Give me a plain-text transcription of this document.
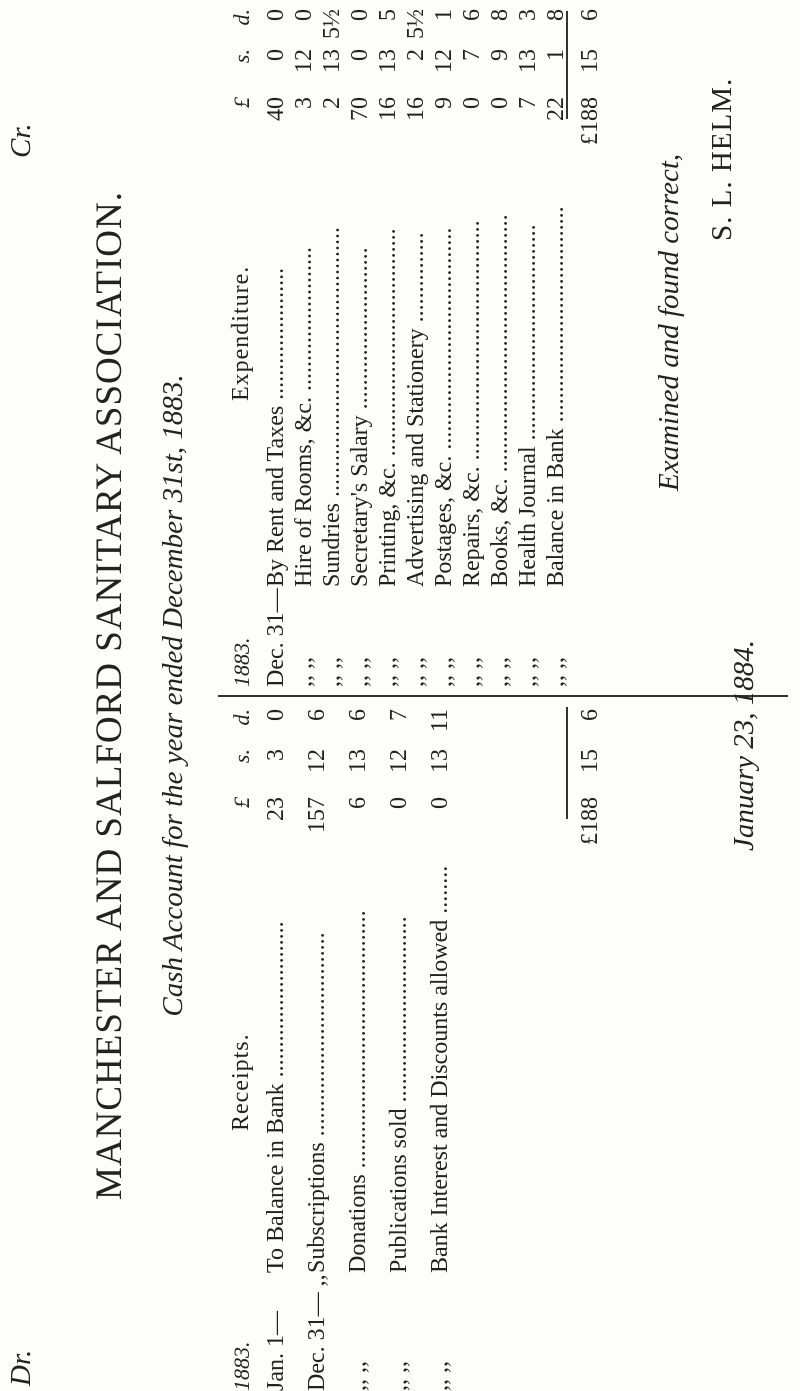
Dr.
Cr.
MANCHESTER AND SALFORD SANITARY ASSOCIATION. Cash Account for the year ended December 31st, 1883.
Receipts.
1883.
£
s.
d.
Jan. 1—
To Balance in Bank ..........................
23
3
0
Dec. 31— ,,
Subscriptions ..................................
157
12
6
,, ,,
Donations ...........................................
6
13
6
,, ,,
Publications sold ...............................
0
12
7
,, ,,
Bank Interest and Discounts allowed ........
0
13
11
£188
15
6
Expenditure.
1883.
£
s.
d.
Dec. 31—
By Rent and Taxes ......................
40
0
0
,, ,,
Hire of Rooms, &c. ........................
3
12
0
,, ,,
Sundries .............................................
2
13
5½
,, ,,
Secretary's Salary ...........................
70
0
0
,, ,,
Printing, &c. ......................................
16
13
5
,, ,,
Advertising and Stationery ...............
16
2
5½
,, ,,
Postages, &c. .....................................
9
12
1
,, ,,
Repairs, &c. ........................................
0
7
6
,, ,,
Books, &c. ...........................................
0
9
8
,, ,,
Health Journal ....................................
7
13
3
,, ,,
Balance in Bank ....................................
22
1
8
£188
15
6
Examined and found correct, S. L. HELM.
January 23, 1884.
